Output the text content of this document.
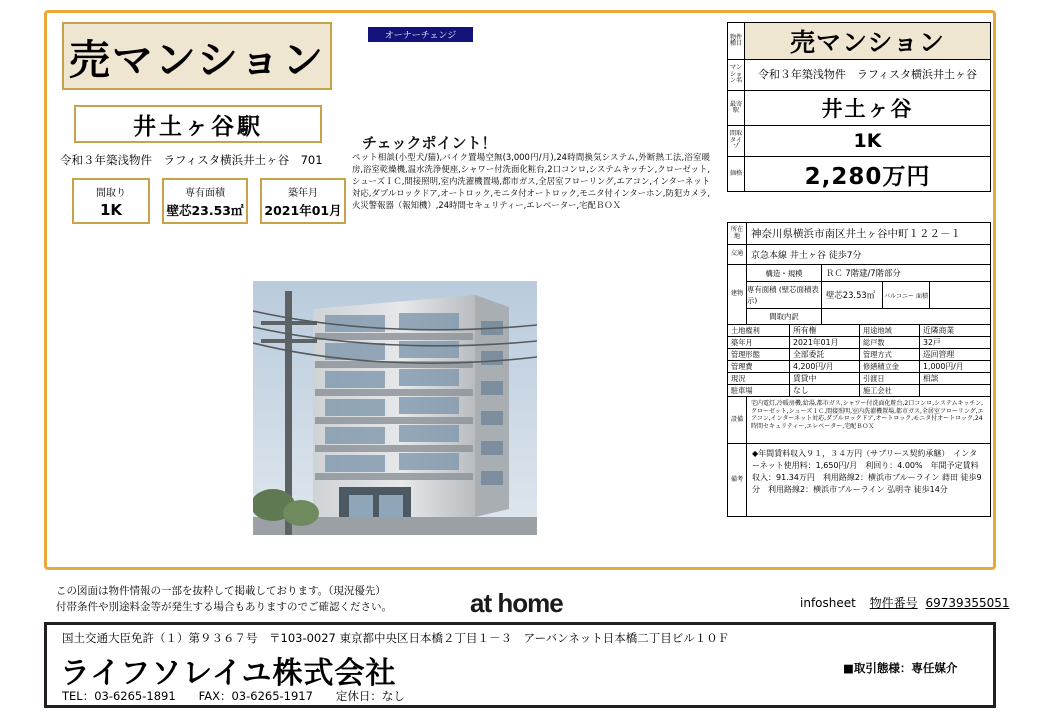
売マンション
井土ヶ谷駅
令和３年築浅物件　ラフィスタ横浜井土ヶ谷　701
間取り
1K
専有面積
壁芯23.53㎡
築年月
2021年01月
オーナーチェンジ
チェックポイント！
ペット相談(小型犬/猫),バイク置場空無(3,000円/月),24時間換気システム,外断熱工法,浴室暖房,浴室乾燥機,温水洗浄便座,シャワー付洗面化粧台,2口コンロ,システムキッチン,クローゼット,シューズＩＣ,間接照明,室内洗濯機置場,都市ガス,全居室フローリング,エアコン,インターネット対応,ダブルロックドア,オートロック,モニタ付オートロック,モニタ付インターホン,防犯カメラ,火災警報器（報知機）,24時間セキュリティー,エレベーター,宅配ＢＯＸ
物件種目 売マンション
マンション名 令和３年築浅物件　ラフィスタ横浜井土ヶ谷
最寄駅	井土ヶ谷
間取タイプ	1K
価格	2,280万円
所在地	神奈川県横浜市南区井土ヶ谷中町１２２－１
交通 京急本線 井土ヶ谷 徒歩7分
建物
構造・規模	ＲＣ 7階建/7階部分
専有面積 (壁芯面積表示)
壁芯23.53㎡	バルコニー 面積
間取内訳
土地権利	所有権	用途地域	近隣商業
築年月	2021年01月	総戸数	32戸
管理形態	全部委託	管理方式	巡回管理
管理費	4,200円/月	修繕積立金	1,000円/月
現況	賃貸中	引渡日	相談
駐車場	なし	施工会社
設備
宅内電灯,冷暖房機,給湯,都市ガス,シャワー付洗面化粧台,2口コンロ,システムキッチン,クローゼット,シューズＩＣ,間接照明,室内洗濯機置場,都市ガス,全居室フローリング,エアコン,インターネット対応,ダブルロックドア,オートロック,モニタ付オートロック,24時間セキュリティー,エレベーター,宅配ＢＯＸ
備考
◆年間賃料収入９１，３４万円（サブリース契約承継）　インターネット使用料：1,650円/月　利回り：4.00%　年間予定賃料収入：91.34万円　利用路線2：横浜市ブルーライン 蒔田 徒歩9分　利用路線2：横浜市ブルーライン 弘明寺 徒歩14分
この図面は物件情報の一部を抜粋して掲載しております。（現況優先）
付帯条件や別途料金等が発生する場合もありますのでご確認ください。	at home	infosheet 物件番号 69739355051
国土交通大臣免許（１）第９３６７号　〒103-0027 東京都中央区日本橋２丁目１－３　アーバンネット日本橋二丁目ビル１０Ｆ
ライフソレイユ株式会社
TEL：03-6265-1891　　FAX：03-6265-1917　　定休日：なし
■取引態様：専任媒介
